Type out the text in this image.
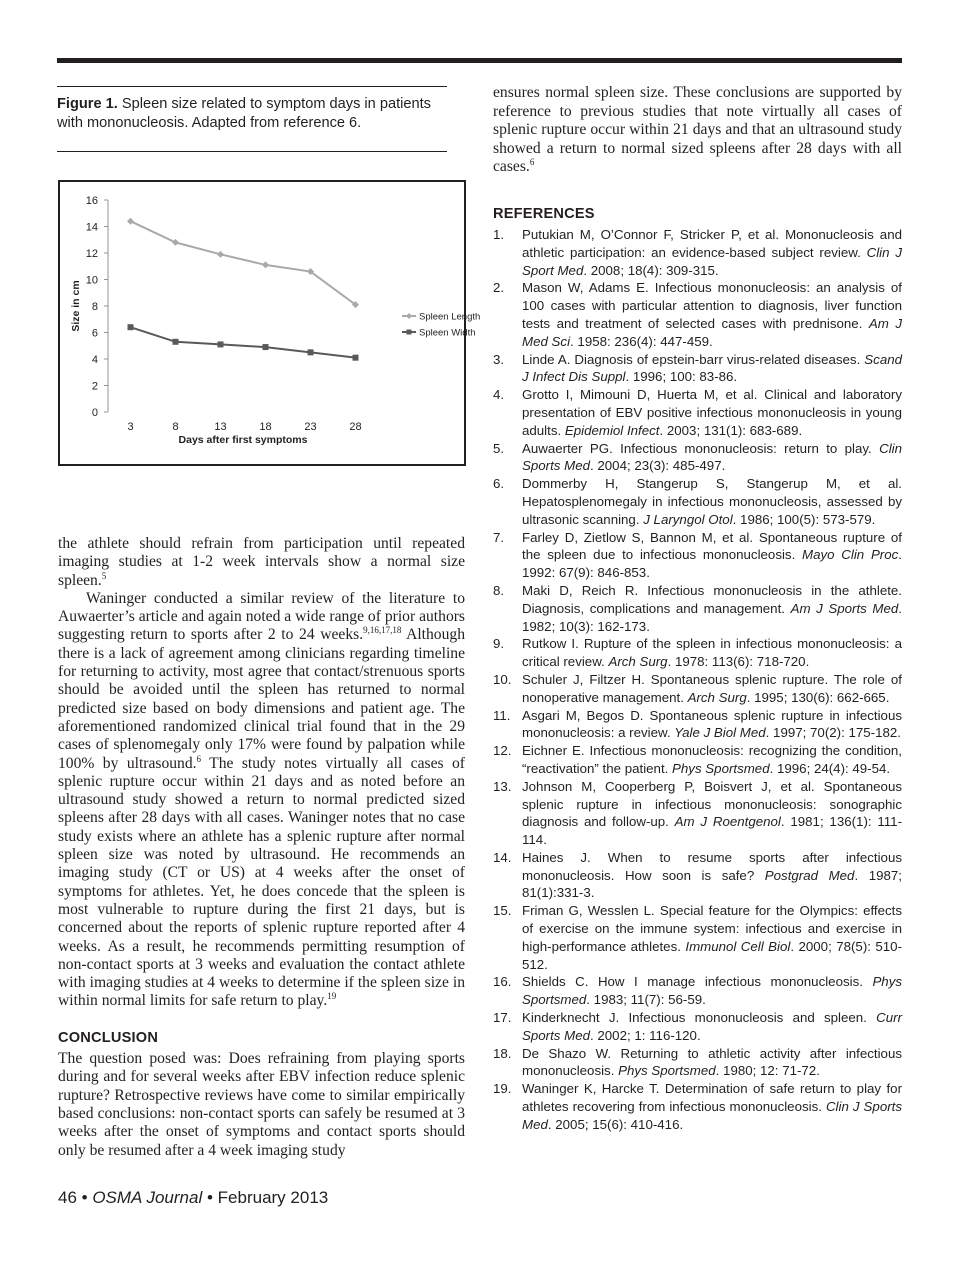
Figure 1. Spleen size related to symptom days in patients
with mononucleosis. Adapted from reference 6.
0
2
4
6
8
10
12
14
16
3	8	13	18	23	28
Days after first symptoms
Size in cm	Spleen Length
Spleen Width

the athlete should refrain from participation until repeated imaging studies at 1-2 week intervals show a normal size spleen.$^5$

Waninger conducted a similar review of the literature to Auwaerter’s article and again noted a wide range of prior authors suggesting return to sports after 2 to 24 weeks.$^{9,16,17,18}$ Although there is a lack of agreement among clinicians regarding timeline for returning to activity, most agree that contact/strenuous sports should be avoided until the spleen has returned to normal predicted size based on body dimensions and patient age. The aforementioned randomized clinical trial found that in the 29 cases of splenomegaly only 17% were found by palpation while 100% by ultrasound.$^6$ The study notes virtually all cases of splenic rupture occur within 21 days and as noted before an ultrasound study showed a return to normal predicted sized spleens after 28 days with all cases. Waninger notes that no case study exists where an athlete has a splenic rupture after normal spleen size was noted by ultrasound. He recommends an imaging study (CT or US) at 4 weeks after the onset of symptoms for athletes. Yet, he does concede that the spleen is most vulnerable to rupture during the first 21 days, but is concerned about the reports of splenic rupture reported after 4 weeks. As a result, he recommends permitting resumption of non-contact sports at 3 weeks and evaluation the contact athlete with imaging studies at 4 weeks to determine if the spleen size in within normal limits for safe return to play.$^{19}$

CONCLUSION

The question posed was: Does refraining from playing sports during and for several weeks after EBV infection reduce splenic rupture? Retrospective reviews have come to similar empirically based conclusions: non-contact sports can safely be resumed at 3 weeks after the onset of symptoms and contact sports should only be resumed after a 4 week imaging study

ensures normal spleen size. These conclusions are supported by reference to previous studies that note virtually all cases of splenic rupture occur within 21 days and that an ultrasound study showed a return to normal sized spleens after 28 days with all cases.$^6$

REFERENCES
1.	Putukian M, O’Connor F, Stricker P, et al. Mononucleosis and athletic participation: an evidence-based subject review. Clin J Sport Med. 2008; 18(4): 309-315.
2.	Mason W, Adams E. Infectious mononucleosis: an analysis of 100 cases with particular attention to diagnosis, liver function tests and treatment of selected cases with prednisone. Am J Med Sci. 1958: 236(4): 447-459.
3.	Linde A. Diagnosis of epstein-barr virus-related diseases. Scand J Infect Dis Suppl. 1996; 100: 83-86.
4.	Grotto I, Mimouni D, Huerta M, et al. Clinical and laboratory presentation of EBV positive infectious mononucleosis in young adults. Epidemiol Infect. 2003; 131(1): 683-689.
5.	Auwaerter PG. Infectious mononucleosis: return to play. Clin Sports Med. 2004; 23(3): 485-497.
6.	Dommerby H, Stangerup S, Stangerup M, et al. Hepatosplenomegaly in infectious mononucleosis, assessed by ultrasonic scanning. J Laryngol Otol. 1986; 100(5): 573-579.
7.	Farley D, Zietlow S, Bannon M, et al. Spontaneous rupture of the spleen due to infectious mononucleosis. Mayo Clin Proc. 1992: 67(9): 846-853.
8.	Maki D, Reich R. Infectious mononucleosis in the athlete. Diagnosis, complications and management. Am J Sports Med. 1982; 10(3): 162-173.
9.	Rutkow I. Rupture of the spleen in infectious mononucleosis: a critical review. Arch Surg. 1978: 113(6): 718-720.
10. Schuler J, Filtzer H. Spontaneous splenic rupture. The role of nonoperative management. Arch Surg. 1995; 130(6): 662-665.
11. Asgari M, Begos D. Spontaneous splenic rupture in infectious mononucleosis: a review. Yale J Biol Med. 1997; 70(2): 175-182.
12. Eichner E. Infectious mononucleosis: recognizing the condition, “reactivation” the patient. Phys Sportsmed. 1996; 24(4): 49-54.
13. Johnson M, Cooperberg P, Boisvert J, et al. Spontaneous splenic rupture in infectious mononucleosis: sonographic diagnosis and follow-up. Am J Roentgenol. 1981; 136(1): 111-114.
14. Haines J. When to resume sports after infectious mononucleosis. How soon is safe? Postgrad Med. 1987; 81(1):331-3.
15. Friman G, Wesslen L. Special feature for the Olympics: effects of exercise on the immune system: infectious and exercise in high-performance athletes. Immunol Cell Biol. 2000; 78(5): 510-512.
16. Shields C. How I manage infectious mononucleosis. Phys Sportsmed. 1983; 11(7): 56-59.
17. Kinderknecht J. Infectious mononucleosis and spleen. Curr Sports Med. 2002; 1: 116-120.
18. De Shazo W. Returning to athletic activity after infectious mononucleosis. Phys Sportsmed. 1980; 12: 71-72.
19. Waninger K, Harcke T. Determination of safe return to play for athletes recovering from infectious mononucleosis. Clin J Sports Med. 2005; 15(6): 410-416.
46 • OSMA Journal • February 2013
